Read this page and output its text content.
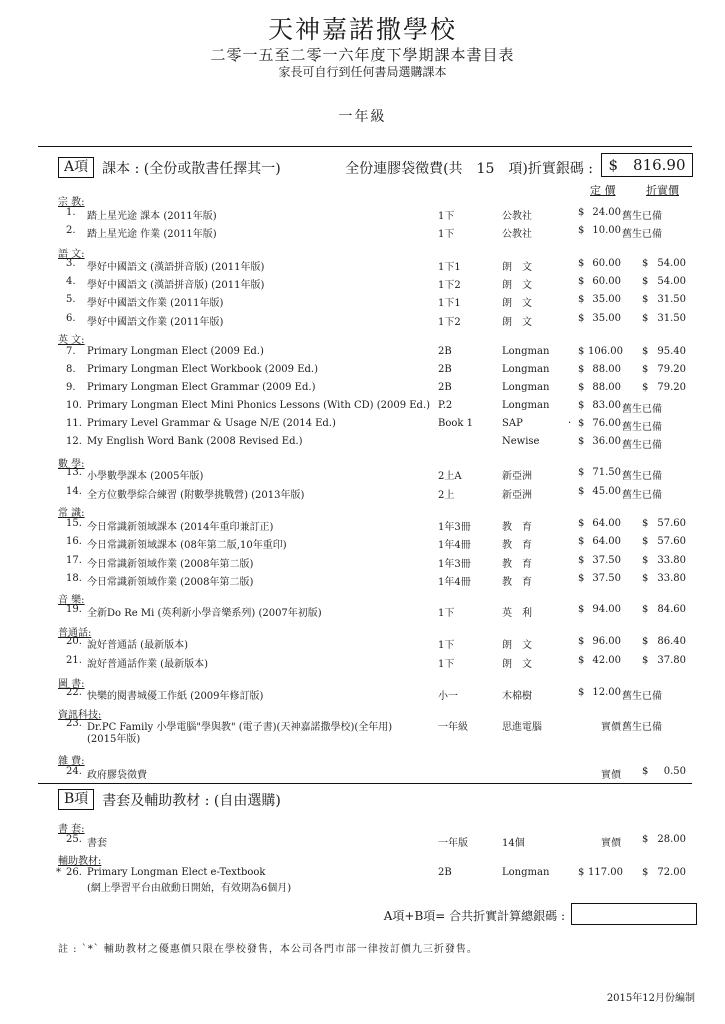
天神嘉諾撒學校
二零一五至二零一六年度下學期課本書目表
家長可自行到任何書局選購課本
一年級
A項	課本 : (全份或散書任擇其一)	全份連膠袋徵費(共　15　項)折實銀碼 :	$　816.90
定 價	折實價
B項	書套及輔助教材 : (自由選購)
宗 教:
1. 踏上星光途 課本 (2011年版)	1下	公教社	$ 24.00 舊生已備
2. 踏上星光途 作業 (2011年版)	1下	公教社	$ 10.00 舊生已備
語 文:
3. 學好中國語文 (漢語拼音版) (2011年版)	1下1	朗　文	$ 60.00 $ 54.00
4. 學好中國語文 (漢語拼音版) (2011年版)	1下2	朗　文	$ 60.00 $ 54.00
5. 學好中國語文作業 (2011年版)	1下1	朗　文	$ 35.00 $ 31.50
6. 學好中國語文作業 (2011年版)	1下2	朗　文	$ 35.00 $ 31.50
英 文:
7. Primary Longman Elect (2009 Ed.)	2B	Longman	$ 106.00 $ 95.40
8. Primary Longman Elect Workbook (2009 Ed.)	2B	Longman	$ 88.00 $ 79.20
9. Primary Longman Elect Grammar (2009 Ed.)	2B	Longman	$ 88.00 $ 79.20
10. Primary Longman Elect Mini Phonics Lessons (With CD) (2009 Ed.) P.2	Longman	$ 83.00 舊生已備
11. Primary Level Grammar & Usage N/E (2014 Ed.)	Book 1	SAP	· $ 76.00 舊生已備
12. My English Word Bank (2008 Revised Ed.)	Newise	$ 36.00 舊生已備
數 學:
13. 小學數學課本 (2005年版)	2上A	新亞洲	$ 71.50 舊生已備
14. 全方位數學綜合練習 (附數學挑戰營) (2013年版)	2上	新亞洲	$ 45.00 舊生已備
常 識:
15. 今日常識新領域課本 (2014年重印兼訂正)	1年3冊	教　育	$ 64.00 $ 57.60
16. 今日常識新領域課本 (08年第二版,10年重印)	1年4冊	教　育	$ 64.00 $ 57.60
17. 今日常識新領域作業 (2008年第二版)	1年3冊	教　育	$ 37.50 $ 33.80
18. 今日常識新領域作業 (2008年第二版)	1年4冊	教　育	$ 37.50 $ 33.80
音 樂:
19. 全新Do Re Mi (英利新小學音樂系列) (2007年初版)	1下	英　利	$ 94.00 $ 84.60
普通話:
20. 說好普通話 (最新版本)	1下	朗　文	$ 96.00 $ 86.40
21. 說好普通話作業 (最新版本)	1下	朗　文	$ 42.00 $ 37.80
圖 書:
22. 快樂的閱書城優工作紙 (2009年修訂版)	小一	木棉樹	$ 12.00 舊生已備
資訊科技:
23. Dr.PC Family 小學電腦"學與教" (電子書)(天神嘉諾撒學校)(全年用)
(2015年版)
一年級	思進電腦	實價 舊生已備
雜 費:
24. 政府膠袋徵費	實價 $	0.50
書 套:
25. 書套	一年版	14個	實價 $ 28.00
輔助教材:
* 26. Primary Longman Elect e-Textbook
(網上學習平台由啟動日開始，有效期為6個月)
2B	Longman	$ 117.00 $ 72.00
A項+B項= 合共折實計算總銀碼 :
註 : `*` 輔助教材之優惠價只限在學校發售，本公司各門市部一律按訂價九三折發售。
2015年12月份編制
